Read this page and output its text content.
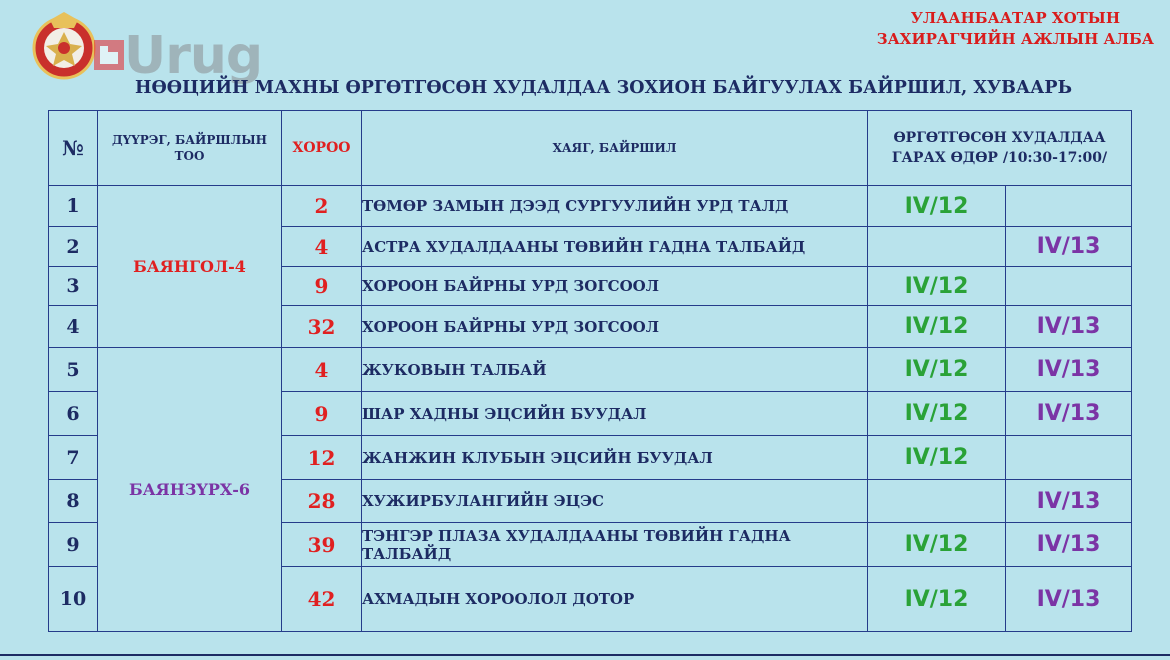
Urug
УЛААНБААТАР ХОТЫН
ЗАХИРАГЧИЙН АЖЛЫН АЛБА
НӨӨЦИЙН МАХНЫ ӨРГӨТГӨСӨН ХУДАЛДАА ЗОХИОН БАЙГУУЛАХ БАЙРШИЛ, ХУВААРЬ
№	ДҮҮРЭГ, БАЙРШЛЫН ТОО	ХОРОО	ХАЯГ, БАЙРШИЛ	ӨРГӨТГӨСӨН ХУДАЛДАА
ГАРАХ ӨДӨР /10:30-17:00/	

1	БАЯНГОЛ-4	2	ТӨМӨР ЗАМЫН ДЭЭД СУРГУУЛИЙН УРД ТАЛД	IV/12	
2		4	АСТРА ХУДАЛДААНЫ ТӨВИЙН ГАДНА ТАЛБАЙД		IV/13
3		9	ХОРООН БАЙРНЫ УРД ЗОГСООЛ	IV/12	
4		32	ХОРООН БАЙРНЫ УРД ЗОГСООЛ	IV/12	IV/13
5	БАЯНЗҮРХ-6	4	ЖУКОВЫН ТАЛБАЙ	IV/12	IV/13
6		9	ШАР ХАДНЫ ЭЦСИЙН БУУДАЛ	IV/12	IV/13
7		12	ЖАНЖИН КЛУБЫН ЭЦСИЙН БУУДАЛ	IV/12	
8		28	ХУЖИРБУЛАНГИЙН ЭЦЭС		IV/13
9		39	ТЭНГЭР ПЛАЗА ХУДАЛДААНЫ ТӨВИЙН ГАДНА ТАЛБАЙД	IV/12	IV/13
10		42	АХМАДЫН ХОРООЛОЛ ДОТОР	IV/12	IV/13
